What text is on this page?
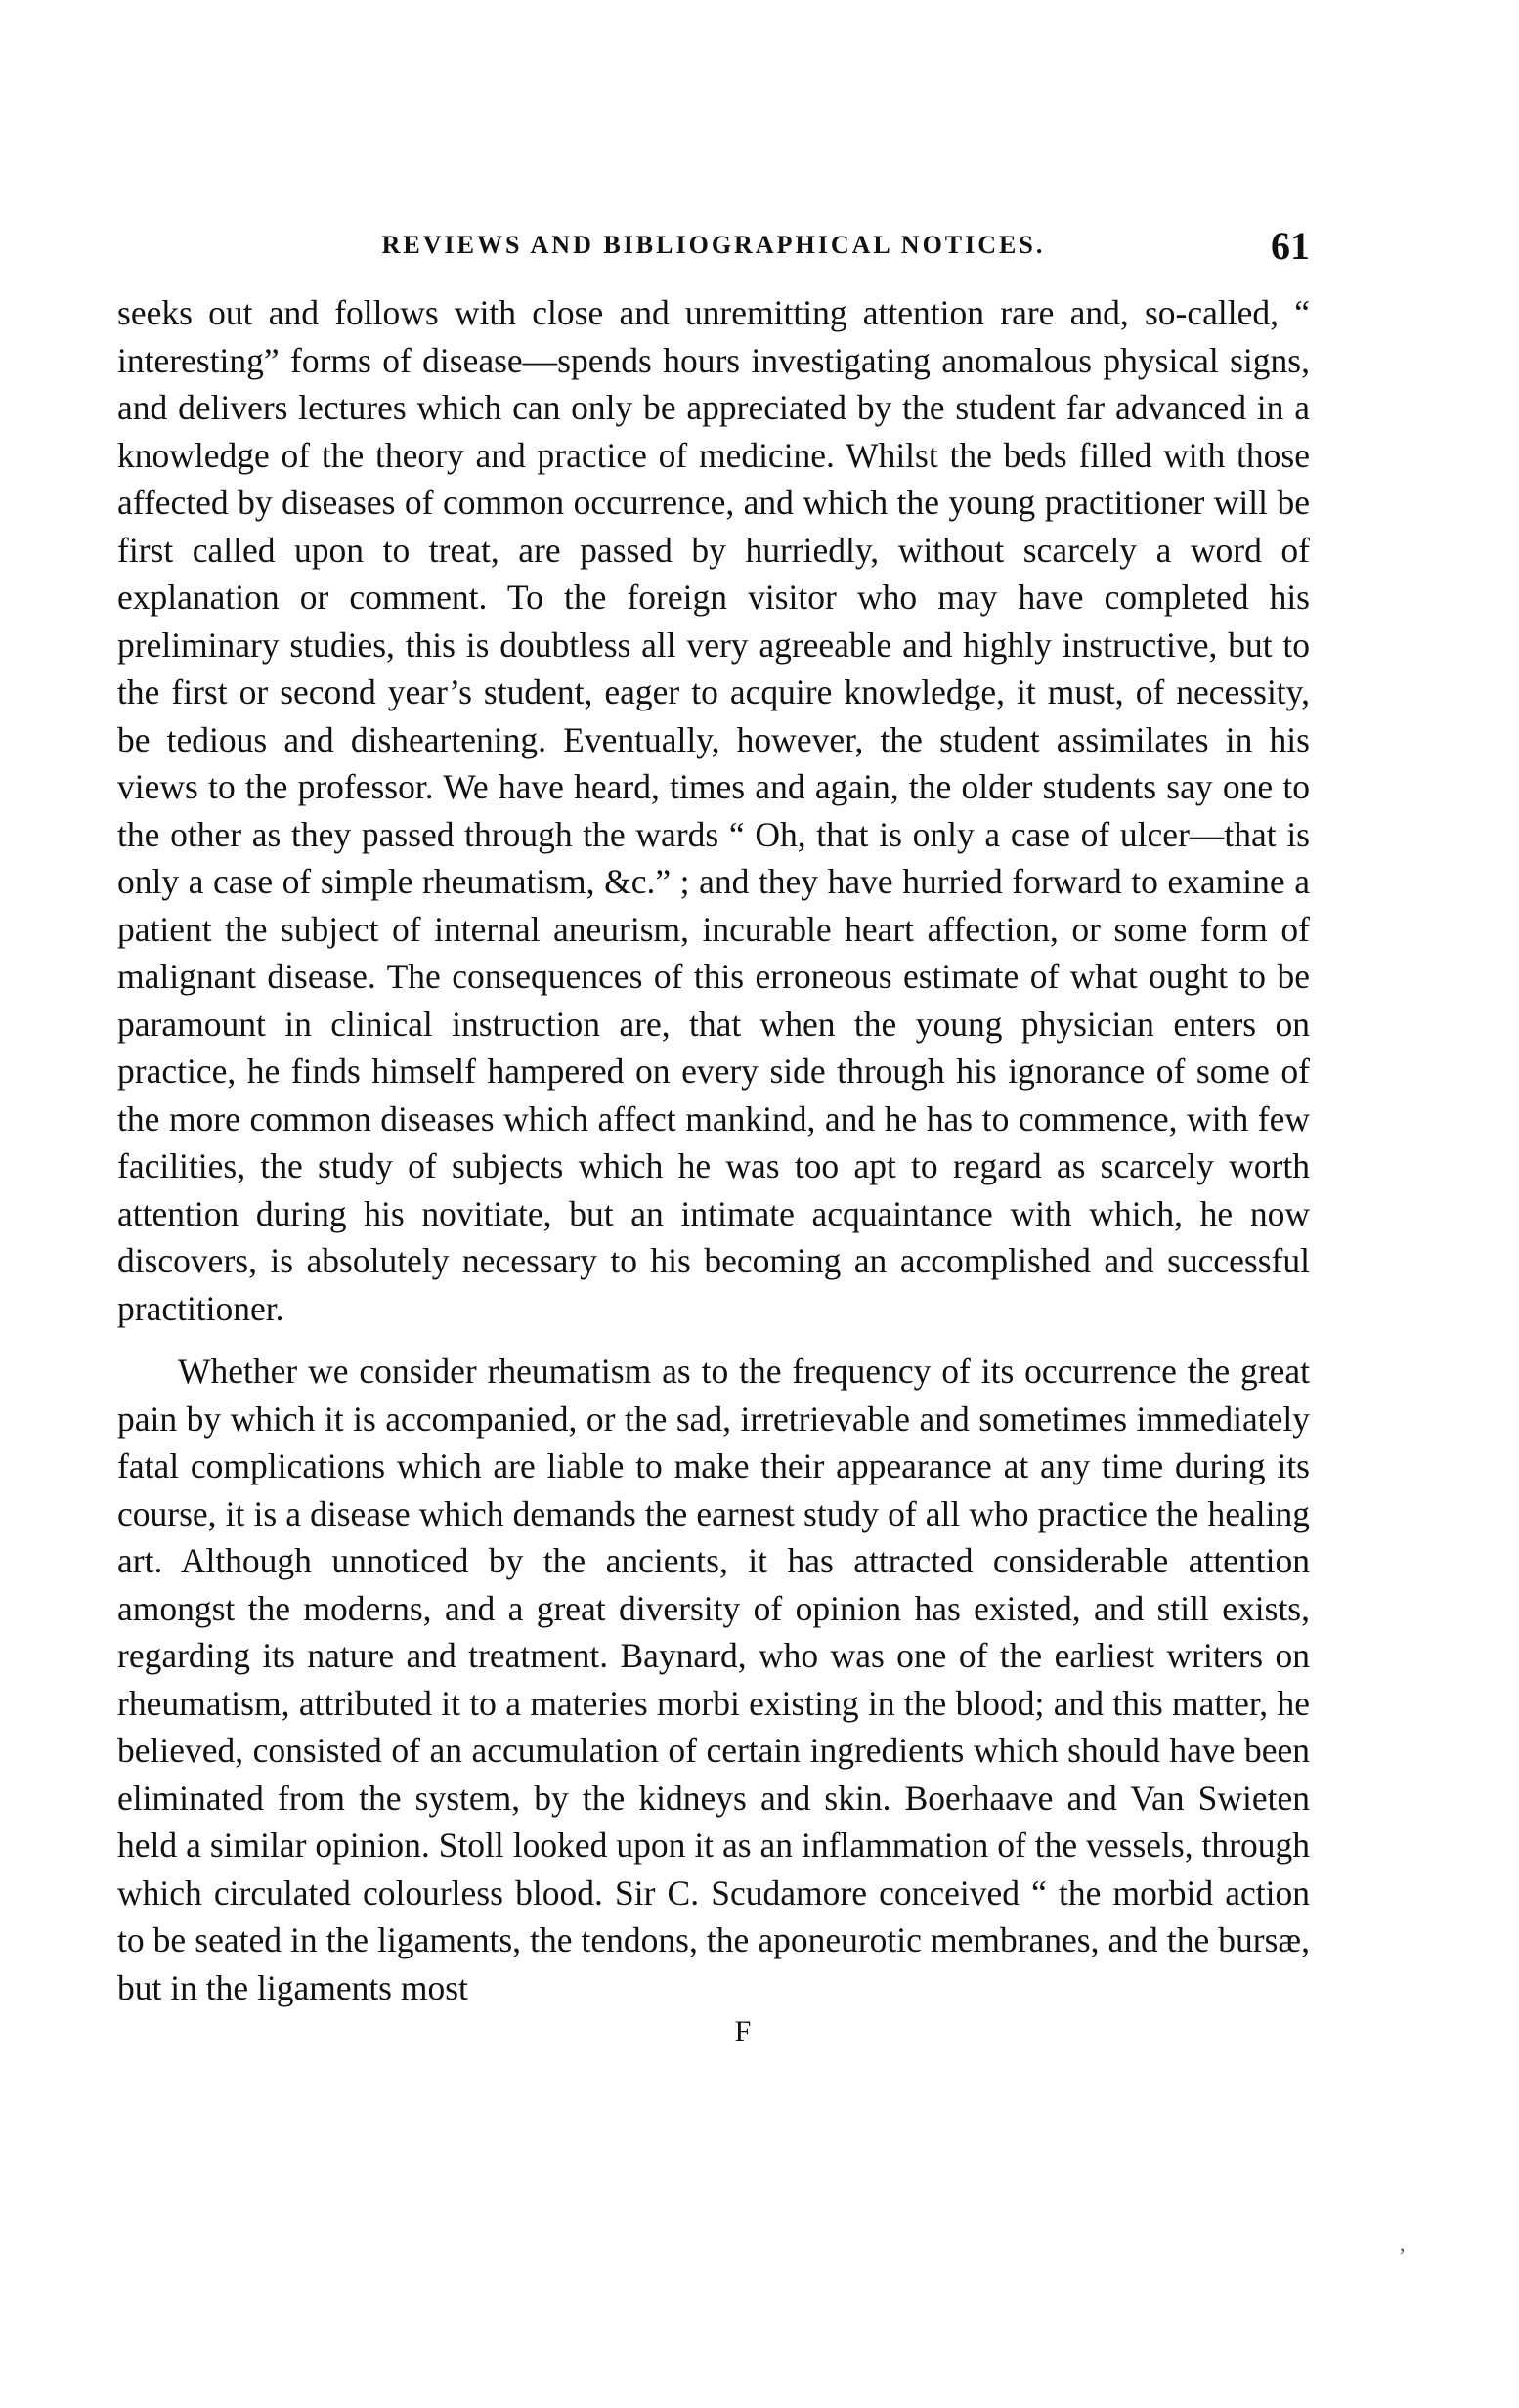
REVIEWS AND BIBLIOGRAPHICAL NOTICES.	61

seeks out and follows with close and unremitting attention rare and, so-called, “ interesting” forms of disease—spends hours investigating anomalous physical signs, and delivers lectures which can only be appreciated by the student far advanced in a knowledge of the theory and practice of medicine. Whilst the beds filled with those affected by diseases of common occurrence, and which the young practitioner will be first called upon to treat, are passed by hurriedly, without scarcely a word of explanation or comment. To the foreign visitor who may have completed his preliminary studies, this is doubtless all very agreeable and highly instructive, but to the first or second year’s student, eager to acquire knowledge, it must, of necessity, be tedious and disheartening. Eventually, however, the student assimilates in his views to the professor. We have heard, times and again, the older students say one to the other as they passed through the wards “ Oh, that is only a case of ulcer—that is only a case of simple rheumatism, &c.” ; and they have hurried forward to examine a patient the subject of internal aneurism, incurable heart affection, or some form of malignant disease. The consequences of this erroneous estimate of what ought to be paramount in clinical instruction are, that when the young physician enters on practice, he finds himself hampered on every side through his ignorance of some of the more common diseases which affect mankind, and he has to commence, with few facilities, the study of subjects which he was too apt to regard as scarcely worth attention during his novitiate, but an intimate acquaintance with which, he now discovers, is absolutely necessary to his becoming an accomplished and successful practitioner.

Whether we consider rheumatism as to the frequency of its occurrence the great pain by which it is accompanied, or the sad, irretrievable and sometimes immediately fatal complications which are liable to make their appearance at any time during its course, it is a disease which demands the earnest study of all who practice the healing art. Although unnoticed by the ancients, it has attracted considerable attention amongst the moderns, and a great diversity of opinion has existed, and still exists, regarding its nature and treatment. Baynard, who was one of the earliest writers on rheumatism, attributed it to a materies morbi existing in the blood; and this matter, he believed, consisted of an accumulation of certain ingredients which should have been eliminated from the system, by the kidneys and skin. Boerhaave and Van Swieten held a similar opinion. Stoll looked upon it as an inflammation of the vessels, through which circulated colourless blood. Sir C. Scudamore conceived “ the morbid action to be seated in the ligaments, the tendons, the aponeurotic membranes, and the bursæ, but in the ligaments most

F
,
